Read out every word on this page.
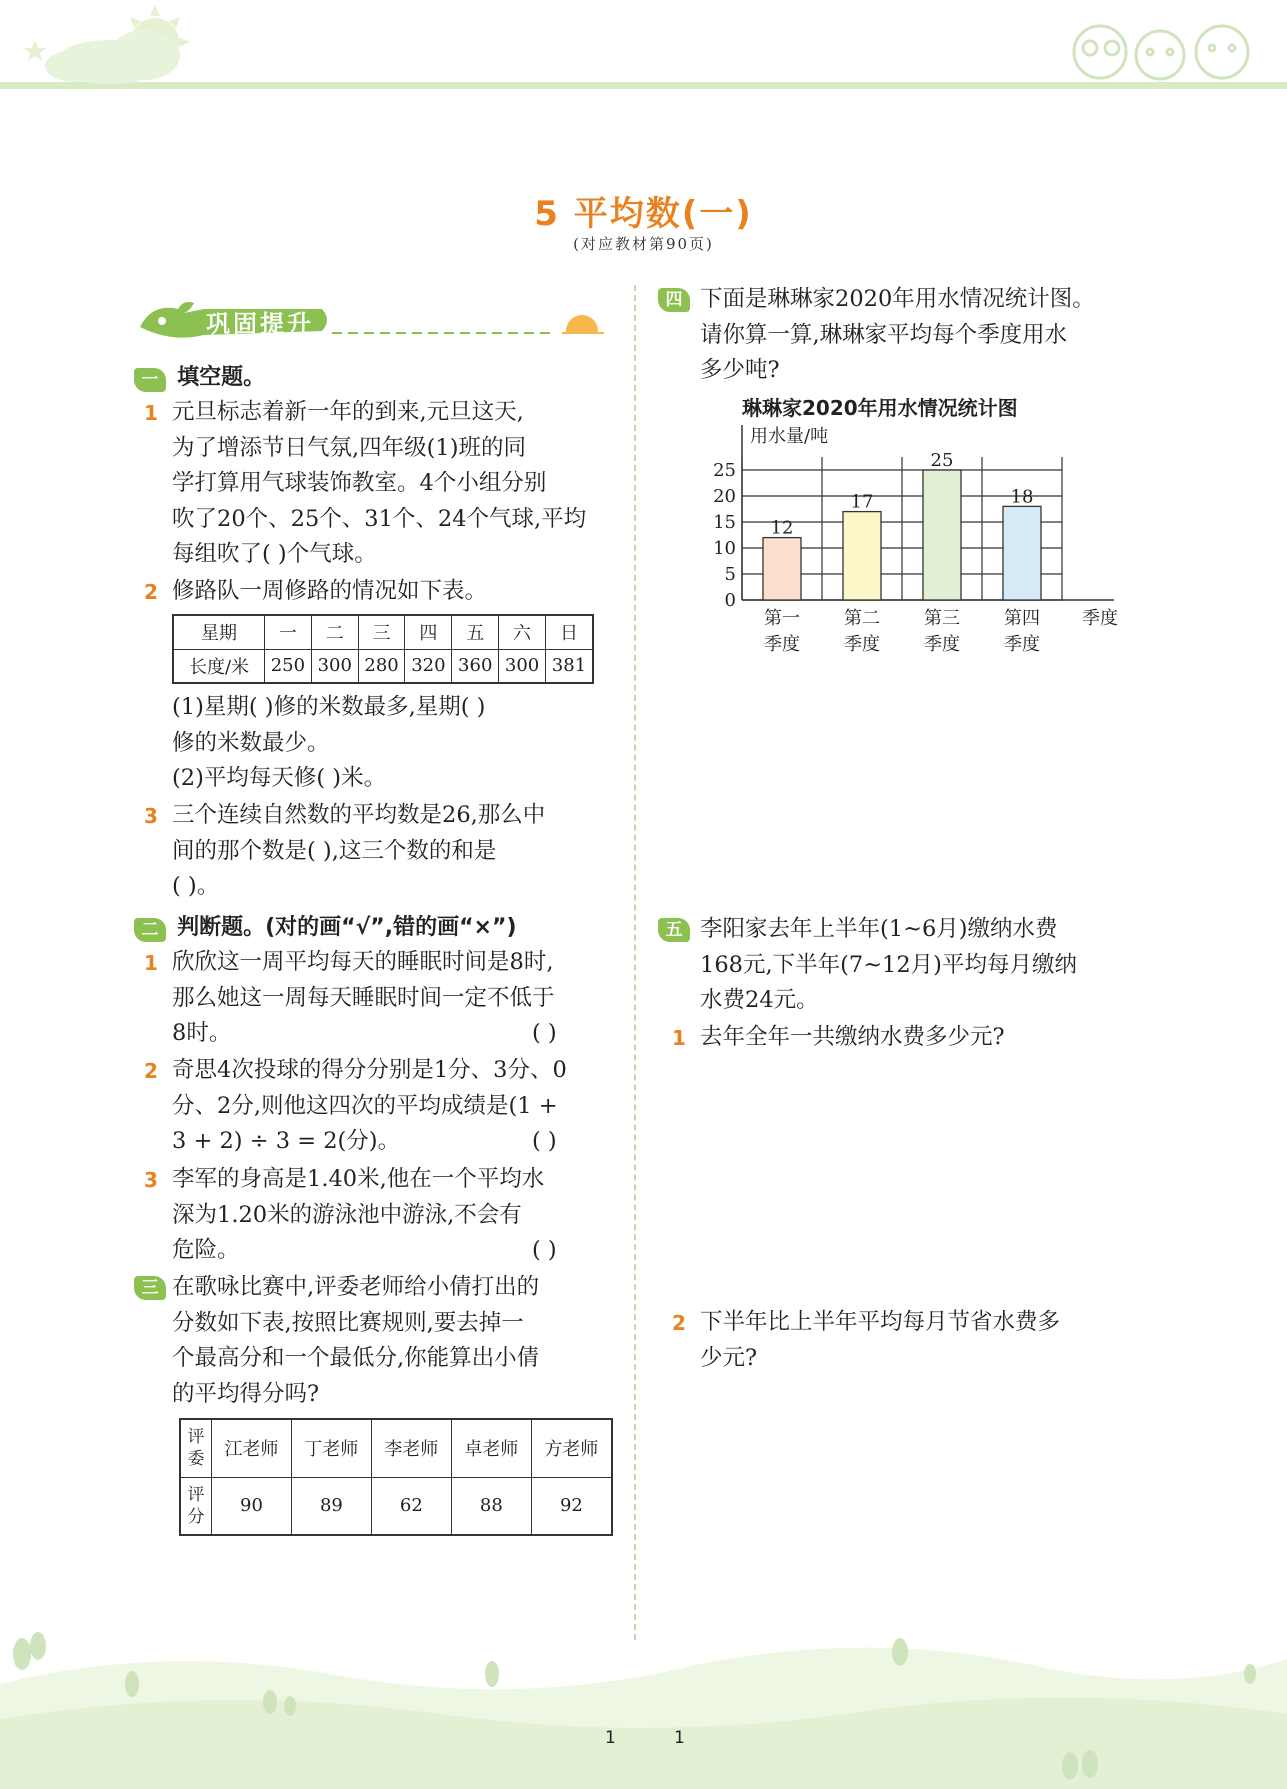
5 平均数(一)
(对应教材第90页)
巩固提升
一 填空题。
1 元旦标志着新一年的到来,元旦这天,
为了增添节日气氛,四年级(1)班的同
学打算用气球装饰教室。4个小组分别
吹了20个、25个、31个、24个气球,平均
每组吹了( )个气球。
2 修路队一周修路的情况如下表。
星期	一	二	三	四	五	六	日
长度/米	250	300	280	320	360	300	381
(1)星期( )修的米数最多,星期( )
修的米数最少。
(2)平均每天修( )米。
3 三个连续自然数的平均数是26,那么中
间的那个数是( ),这三个数的和是
( )。
二 判断题。(对的画“√”,错的画“×”)
1 欣欣这一周平均每天的睡眠时间是8时,
那么她这一周每天睡眠时间一定不低于
8时。	( )
2 奇思4次投球的得分分别是1分、3分、0
分、2分,则他这四次的平均成绩是(1 +
3 + 2) ÷ 3 = 2(分)。	( )
3 李军的身高是1.40米,他在一个平均水
深为1.20米的游泳池中游泳,不会有
危险。	( )
三 在歌咏比赛中,评委老师给小倩打出的
分数如下表,按照比赛规则,要去掉一
个最高分和一个最低分,你能算出小倩
的平均得分吗?
评委	江老师	丁老师	李老师	卓老师	方老师
评分	90	89	62	88	92
四 下面是琳琳家2020年用水情况统计图。
请你算一算,琳琳家平均每个季度用水
多少吨?
琳琳家2020年用水情况统计图
0
5
10
15
20
25
用水量/吨
12
第一
季度
17
第二
季度
25
第三
季度
18
第四
季度
季度
五 李阳家去年上半年(1~6月)缴纳水费
168元,下半年(7~12月)平均每月缴纳
水费24元。
1 去年全年一共缴纳水费多少元?
2 下半年比上半年平均每月节省水费多
少元?
1	1
